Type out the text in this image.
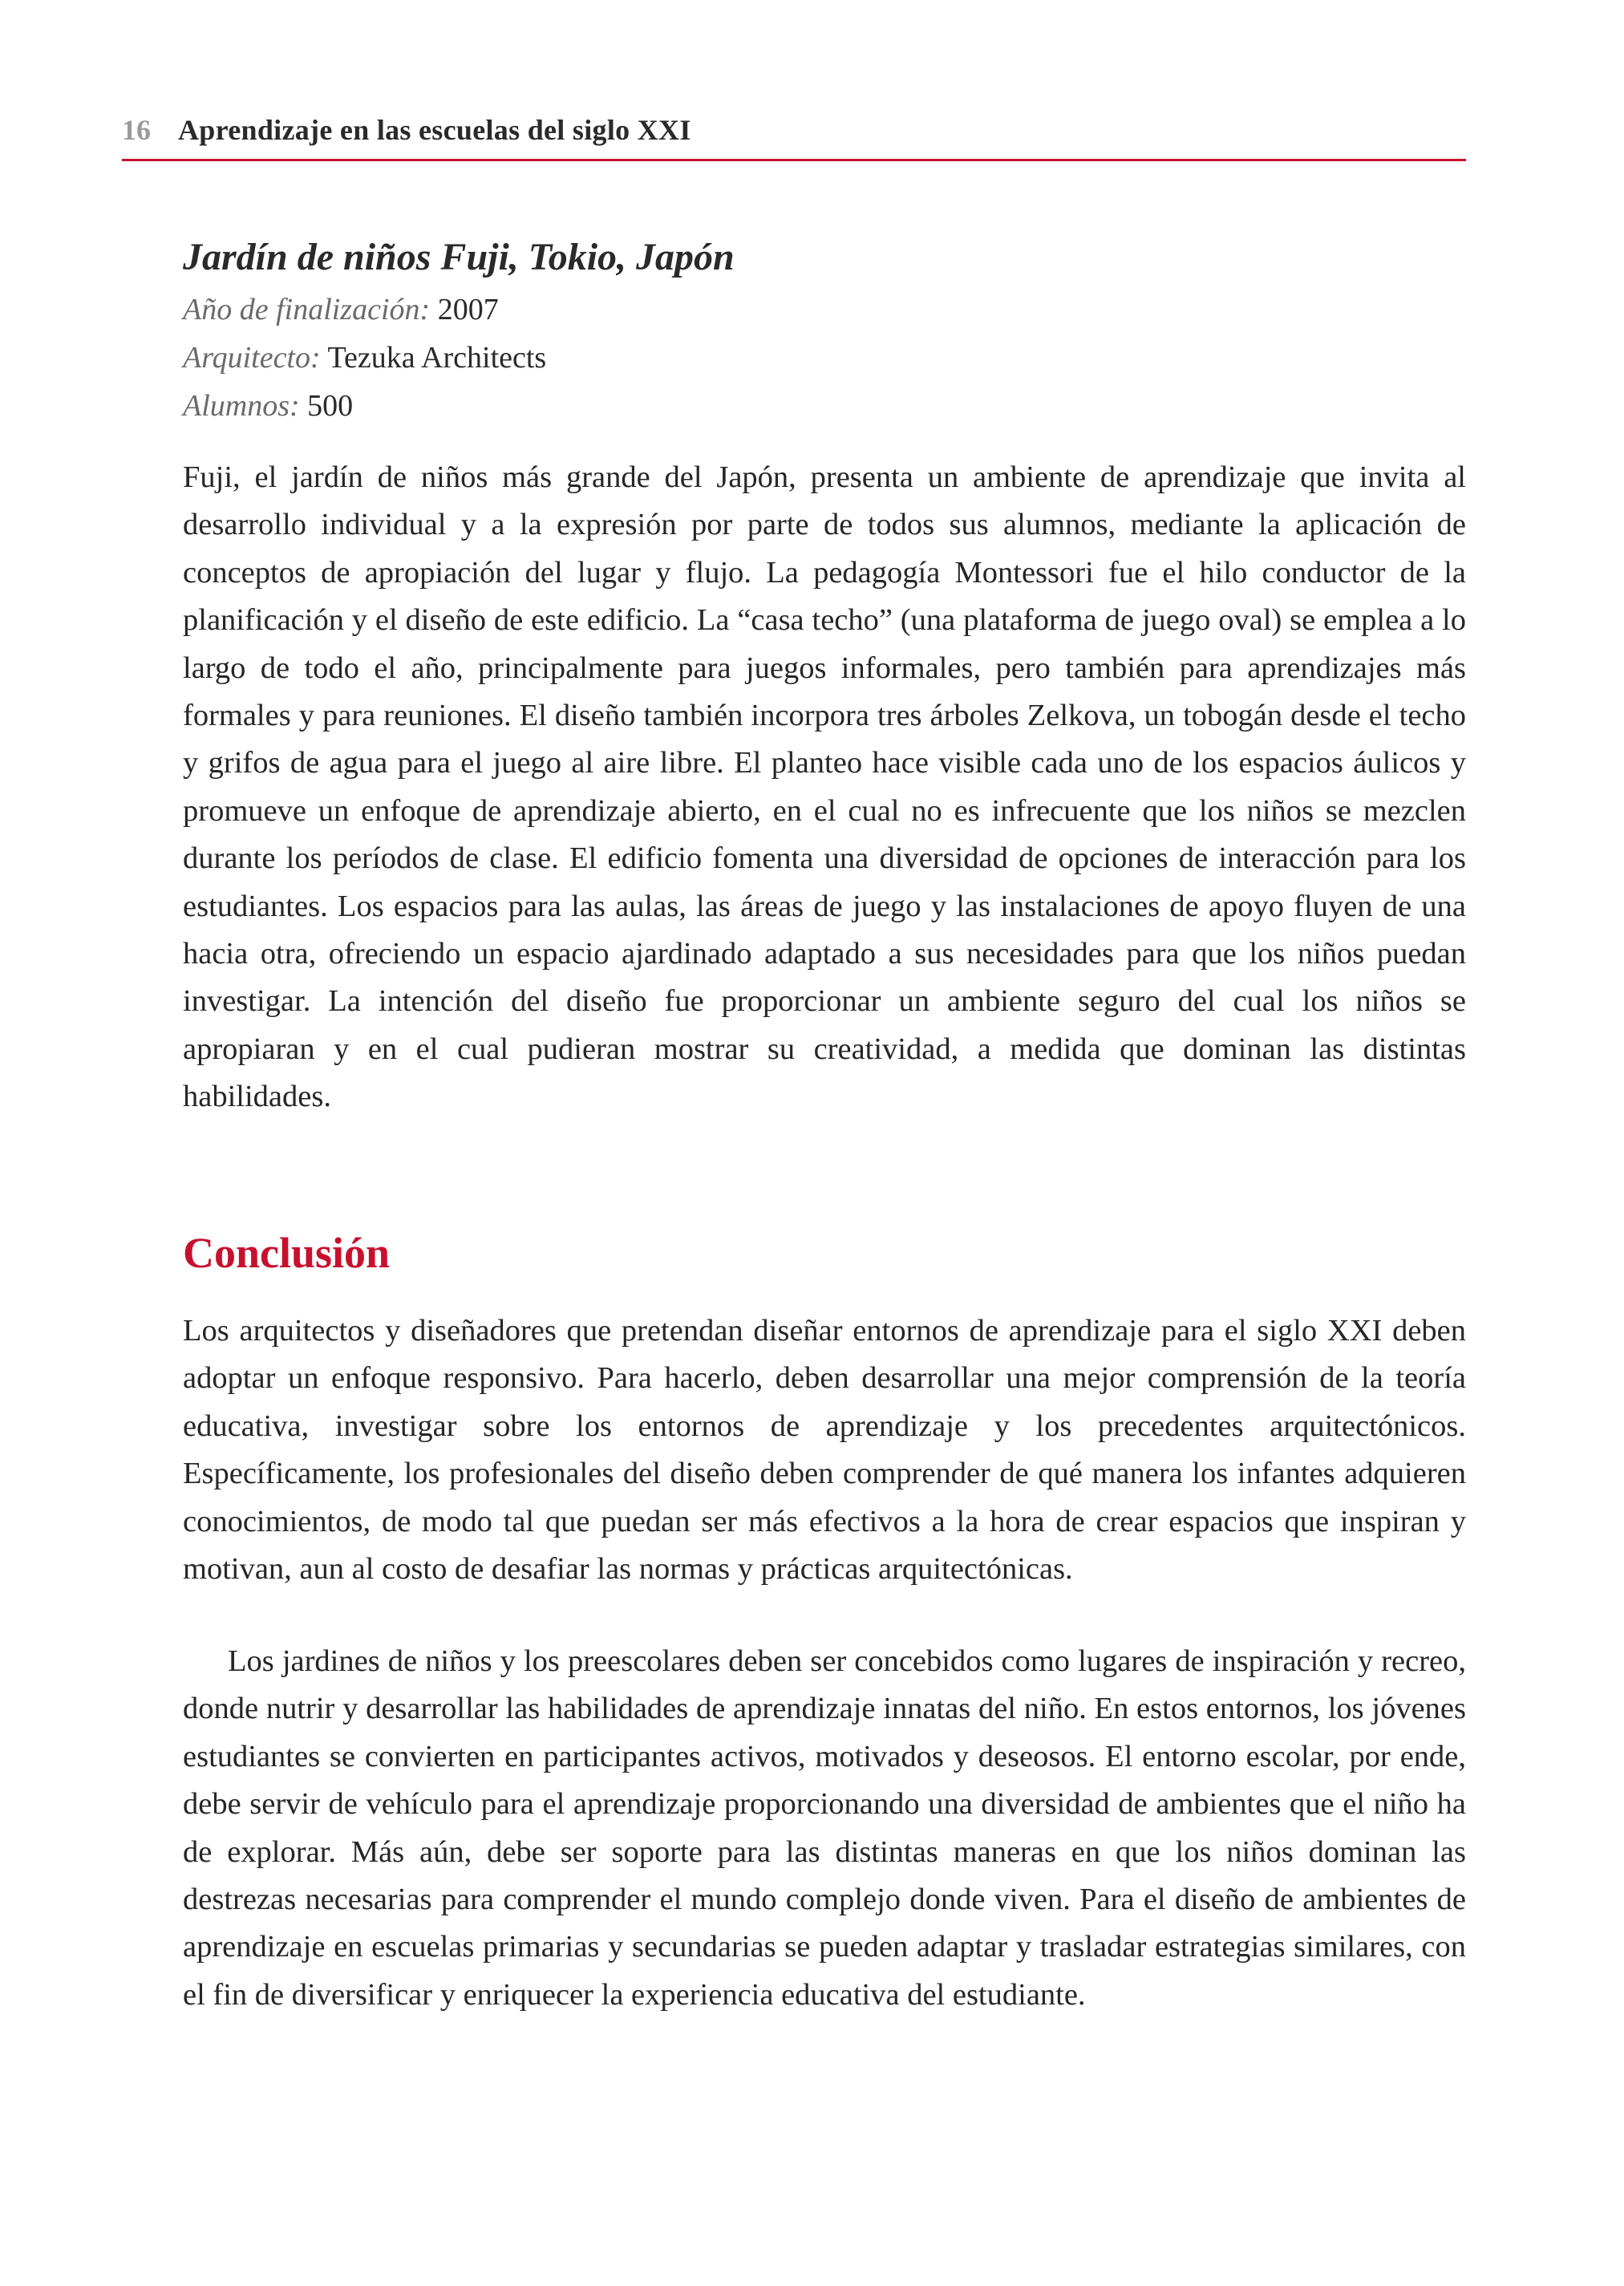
16 Aprendizaje en las escuelas del siglo XXI
Jardín de niños Fuji, Tokio, Japón
Año de finalización: 2007
Arquitecto: Tezuka Architects
Alumnos: 500

Fuji, el jardín de niños más grande del Japón, presenta un ambiente de aprendizaje que invita al desarrollo individual y a la expresión por parte de todos sus alumnos, mediante la aplicación de conceptos de apropiación del lugar y flujo. La pedagogía Montessori fue el hilo conductor de la planificación y el diseño de este edificio. La “casa techo” (una plataforma de juego oval) se emplea a lo largo de todo el año, principalmente para juegos informales, pero también para aprendizajes más formales y para reuniones. El diseño también incorpora tres árboles Zelkova, un tobogán desde el techo y grifos de agua para el juego al aire libre. El planteo hace visible cada uno de los espacios áulicos y promueve un enfoque de aprendizaje abierto, en el cual no es infrecuente que los niños se mezclen durante los períodos de clase. El edificio fomenta una diversidad de opciones de interacción para los estudiantes. Los espacios para las aulas, las áreas de juego y las instalaciones de apoyo fluyen de una hacia otra, ofreciendo un espacio ajardinado adaptado a sus necesidades para que los niños puedan investigar. La intención del diseño fue proporcionar un ambiente seguro del cual los niños se apropiaran y en el cual pudieran mostrar su creatividad, a medida que dominan las distintas habilidades.

Conclusión

Los arquitectos y diseñadores que pretendan diseñar entornos de aprendizaje para el siglo XXI deben adoptar un enfoque responsivo. Para hacerlo, deben desarrollar una mejor comprensión de la teoría educativa, investigar sobre los entornos de aprendizaje y los precedentes arquitectónicos. Específicamente, los profesionales del diseño deben comprender de qué manera los infantes adquieren conocimientos, de modo tal que puedan ser más efectivos a la hora de crear espacios que inspiran y motivan, aun al costo de desafiar las normas y prácticas arquitectónicas.

Los jardines de niños y los preescolares deben ser concebidos como lugares de inspiración y recreo, donde nutrir y desarrollar las habilidades de aprendizaje innatas del niño. En estos entornos, los jóvenes estudiantes se convierten en participantes activos, motivados y deseosos. El entorno escolar, por ende, debe servir de vehículo para el aprendizaje proporcionando una diversidad de ambientes que el niño ha de explorar. Más aún, debe ser soporte para las distintas maneras en que los niños dominan las destrezas necesarias para comprender el mundo complejo donde viven. Para el diseño de ambientes de aprendizaje en escuelas primarias y secundarias se pueden adaptar y trasladar estrategias similares, con el fin de diversificar y enriquecer la experiencia educativa del estudiante.
